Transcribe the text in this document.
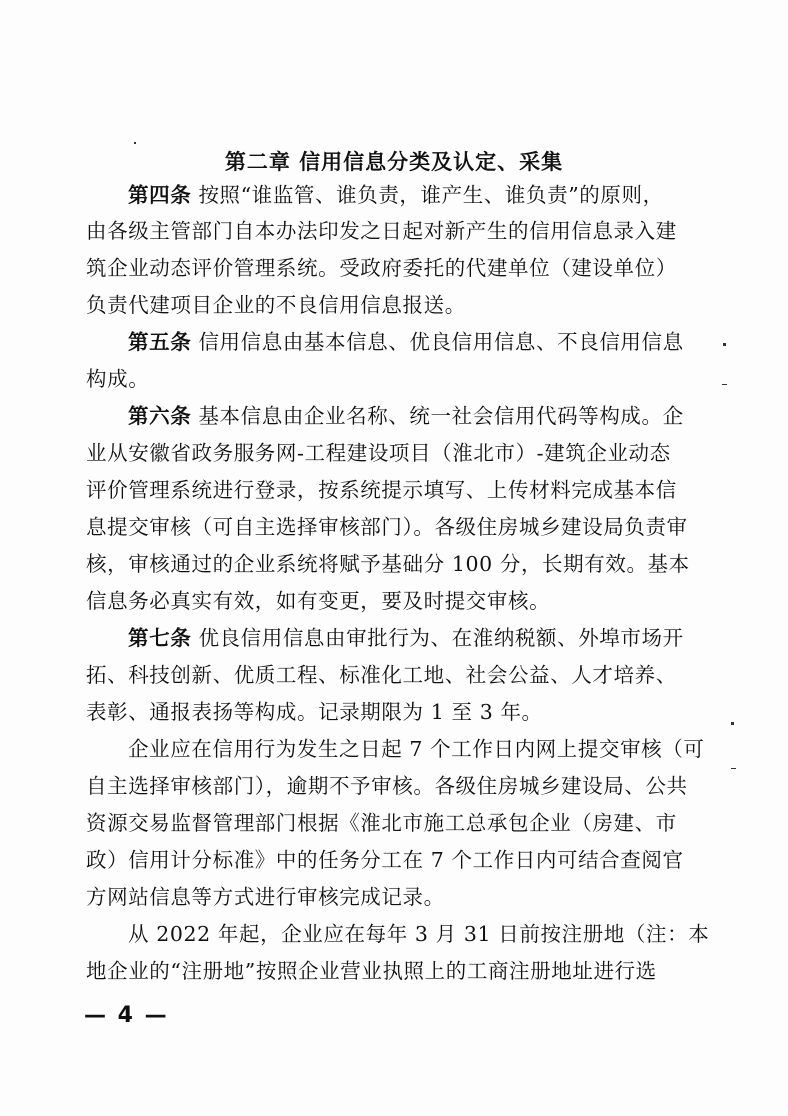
第二章 信用信息分类及认定、采集
第四条 按照“谁监管、谁负责，谁产生、谁负责”的原则，
由各级主管部门自本办法印发之日起对新产生的信用信息录入建
筑企业动态评价管理系统。受政府委托的代建单位（建设单位）
负责代建项目企业的不良信用信息报送。
第五条 信用信息由基本信息、优良信用信息、不良信用信息
构成。
第六条 基本信息由企业名称、统一社会信用代码等构成。企
业从安徽省政务服务网-工程建设项目（淮北市）-建筑企业动态
评价管理系统进行登录，按系统提示填写、上传材料完成基本信
息提交审核（可自主选择审核部门）。各级住房城乡建设局负责审
核，审核通过的企业系统将赋予基础分 100 分，长期有效。基本
信息务必真实有效，如有变更，要及时提交审核。
第七条 优良信用信息由审批行为、在淮纳税额、外埠市场开
拓、科技创新、优质工程、标准化工地、社会公益、人才培养、
表彰、通报表扬等构成。记录期限为 1 至 3 年。
企业应在信用行为发生之日起 7 个工作日内网上提交审核（可
自主选择审核部门），逾期不予审核。各级住房城乡建设局、公共
资源交易监督管理部门根据《淮北市施工总承包企业（房建、市
政）信用计分标准》中的任务分工在 7 个工作日内可结合查阅官
方网站信息等方式进行审核完成记录。
从 2022 年起，企业应在每年 3 月 31 日前按注册地（注：本
地企业的“注册地”按照企业营业执照上的工商注册地址进行选
— 4 —
